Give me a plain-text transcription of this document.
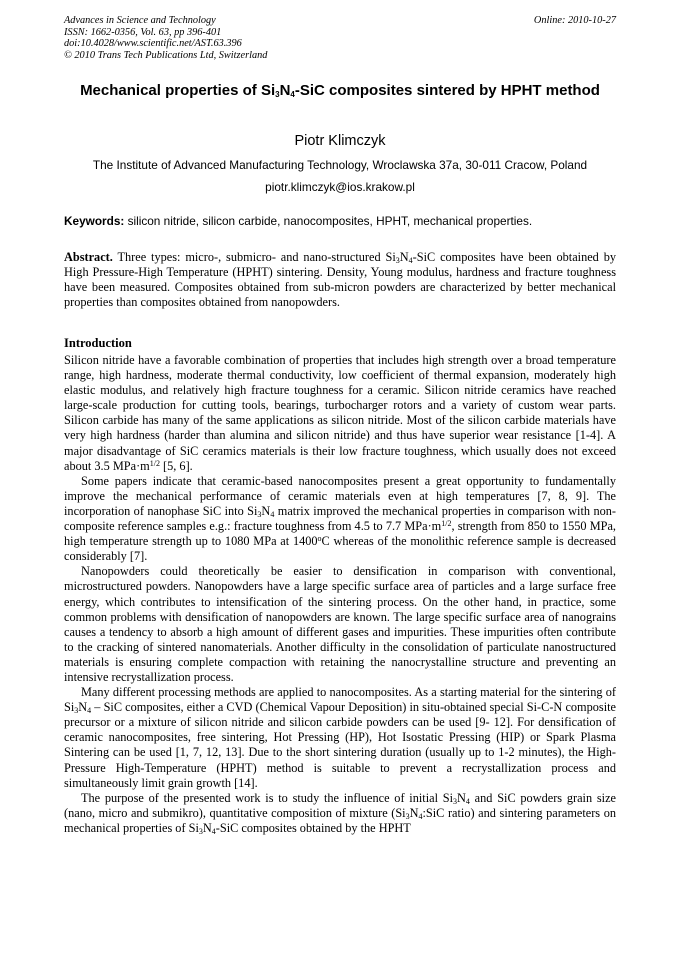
Advances in Science and Technology
ISSN: 1662-0356, Vol. 63, pp 396-401
doi:10.4028/www.scientific.net/AST.63.396
© 2010 Trans Tech Publications Ltd, Switzerland
Online: 2010-10-27
Mechanical properties of $Si_3N_4$-SiC composites sintered by HPHT method
Piotr Klimczyk
The Institute of Advanced Manufacturing Technology, Wroclawska 37a, 30-011 Cracow, Poland
piotr.klimczyk@ios.krakow.pl
Keywords: silicon nitride, silicon carbide, nanocomposites, HPHT, mechanical properties.
Abstract. Three types: micro-, submicro- and nano-structured $Si_3N_4$-SiC composites have been obtained by High Pressure-High Temperature (HPHT) sintering. Density, Young modulus, hardness and fracture toughness have been measured. Composites obtained from sub-micron powders are characterized by better mechanical properties than composites obtained from nanopowders.
Introduction

Silicon nitride have a favorable combination of properties that includes high strength over a broad temperature range, high hardness, moderate thermal conductivity, low coefficient of thermal expansion, moderately high elastic modulus, and relatively high fracture toughness for a ceramic. Silicon nitride ceramics have reached large-scale production for cutting tools, bearings, turbocharger rotors and a variety of custom wear parts. Silicon carbide has many of the same applications as silicon nitride. Most of the silicon carbide materials have very high hardness (harder than alumina and silicon nitride) and thus have superior wear resistance [1-4]. A major disadvantage of SiC ceramics materials is their low fracture toughness, which usually does not exceed about 3.5 $MPa\cdot m^{1/2}$ [5, 6].

Some papers indicate that ceramic-based nanocomposites present a great opportunity to fundamentally improve the mechanical performance of ceramic materials even at high temperatures [7, 8, 9]. The incorporation of nanophase SiC into $Si_3N_4$ matrix improved the mechanical properties in comparison with non-composite reference samples e.g.: fracture toughness from 4.5 to 7.7 $MPa\cdot m^{1/2}$, strength from 850 to 1550 MPa, high temperature strength up to 1080 MPa at 1400$^o$C whereas of the monolithic reference sample is decreased considerably [7].

Nanopowders could theoretically be easier to densification in comparison with conventional, microstructured powders. Nanopowders have a large specific surface area of particles and a large surface free energy, which contributes to intensification of the sintering process. On the other hand, in practice, some common problems with densification of nanopowders are known. The large specific surface area of nanograins causes a tendency to absorb a high amount of different gases and impurities. These impurities often contribute to the cracking of sintered nanomaterials. Another difficulty in the consolidation of particulate nanostructured materials is ensuring complete compaction with retaining the nanocrystalline structure and preventing an intensive recrystallization process.

Many different processing methods are applied to nanocomposites. As a starting material for the sintering of $Si_3N_4$ – SiC composites, either a CVD (Chemical Vapour Deposition) in situ-obtained special Si-C-N composite precursor or a mixture of silicon nitride and silicon carbide powders can be used [9- 12]. For densification of ceramic nanocomposites, free sintering, Hot Pressing (HP), Hot Isostatic Pressing (HIP) or Spark Plasma Sintering can be used [1, 7, 12, 13]. Due to the short sintering duration (usually up to 1-2 minutes), the High-Pressure High-Temperature (HPHT) method is suitable to prevent a recrystallization process and simultaneously limit grain growth [14].

The purpose of the presented work is to study the influence of initial $Si_3N_4$ and SiC powders grain size (nano, micro and submikro), quantitative composition of mixture ($Si_3N_4:SiC$ ratio) and sintering parameters on mechanical properties of $Si_3N_4$-SiC composites obtained by the HPHT
